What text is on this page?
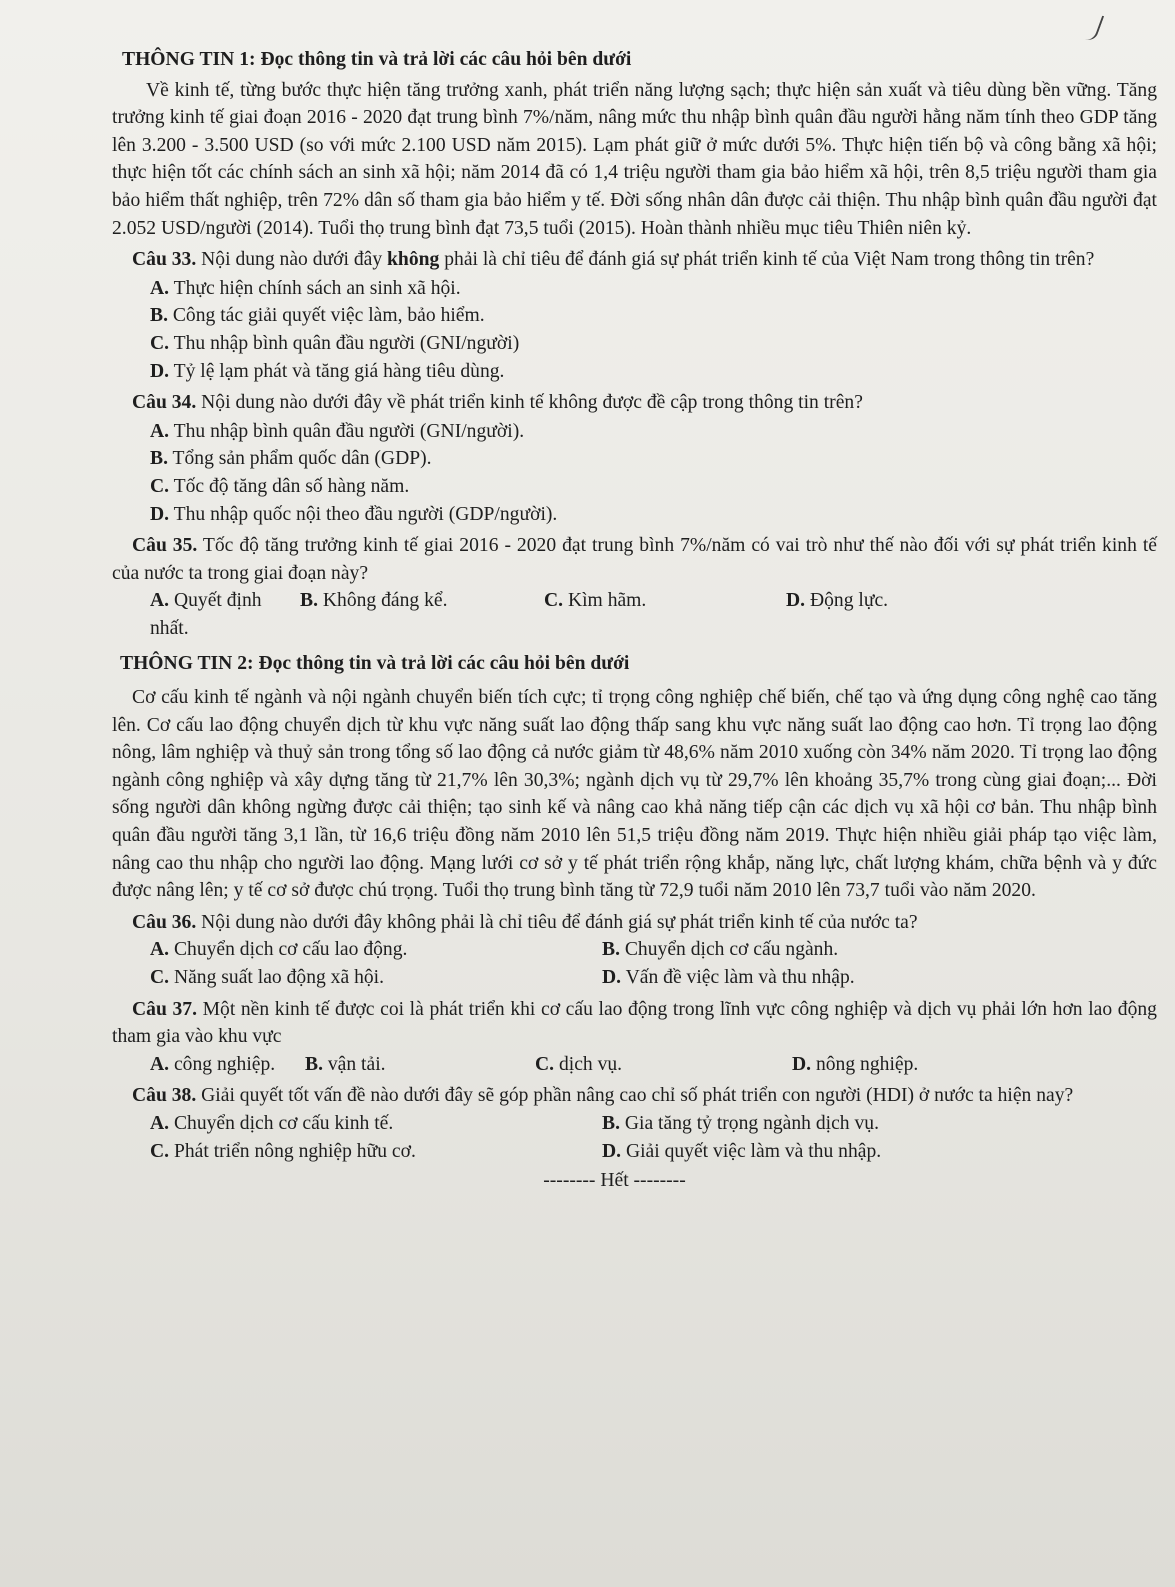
THÔNG TIN 1: Đọc thông tin và trả lời các câu hỏi bên dưới
Về kinh tế, từng bước thực hiện tăng trưởng xanh, phát triển năng lượng sạch; thực hiện sản xuất và tiêu dùng bền vững. Tăng trưởng kinh tế giai đoạn 2016 - 2020 đạt trung bình 7%/năm, nâng mức thu nhập bình quân đầu người hằng năm tính theo GDP tăng lên 3.200 - 3.500 USD (so với mức 2.100 USD năm 2015). Lạm phát giữ ở mức dưới 5%. Thực hiện tiến bộ và công bằng xã hội; thực hiện tốt các chính sách an sinh xã hội; năm 2014 đã có 1,4 triệu người tham gia bảo hiểm xã hội, trên 8,5 triệu người tham gia bảo hiểm thất nghiệp, trên 72% dân số tham gia bảo hiểm y tế. Đời sống nhân dân được cải thiện. Thu nhập bình quân đầu người đạt 2.052 USD/người (2014). Tuổi thọ trung bình đạt 73,5 tuổi (2015). Hoàn thành nhiều mục tiêu Thiên niên kỷ.
Câu 33. Nội dung nào dưới đây không phải là chỉ tiêu để đánh giá sự phát triển kinh tế của Việt Nam trong thông tin trên?
A. Thực hiện chính sách an sinh xã hội.
B. Công tác giải quyết việc làm, bảo hiểm.
C. Thu nhập bình quân đầu người (GNI/người)
D. Tỷ lệ lạm phát và tăng giá hàng tiêu dùng.
Câu 34. Nội dung nào dưới đây về phát triển kinh tế không được đề cập trong thông tin trên?
A. Thu nhập bình quân đầu người (GNI/người).
B. Tổng sản phẩm quốc dân (GDP).
C. Tốc độ tăng dân số hàng năm.
D. Thu nhập quốc nội theo đầu người (GDP/người).
Câu 35. Tốc độ tăng trưởng kinh tế giai 2016 - 2020 đạt trung bình 7%/năm có vai trò như thế nào đối với sự phát triển kinh tế của nước ta trong giai đoạn này?
A. Quyết định nhất.
B. Không đáng kể.	C. Kìm hãm.	D. Động lực.
THÔNG TIN 2: Đọc thông tin và trả lời các câu hỏi bên dưới
Cơ cấu kinh tế ngành và nội ngành chuyển biến tích cực; tỉ trọng công nghiệp chế biến, chế tạo và ứng dụng công nghệ cao tăng lên. Cơ cấu lao động chuyển dịch từ khu vực năng suất lao động thấp sang khu vực năng suất lao động cao hơn. Tỉ trọng lao động nông, lâm nghiệp và thuỷ sản trong tổng số lao động cả nước giảm từ 48,6% năm 2010 xuống còn 34% năm 2020. Tỉ trọng lao động ngành công nghiệp và xây dựng tăng từ 21,7% lên 30,3%; ngành dịch vụ từ 29,7% lên khoảng 35,7% trong cùng giai đoạn;... Đời sống người dân không ngừng được cải thiện; tạo sinh kế và nâng cao khả năng tiếp cận các dịch vụ xã hội cơ bản. Thu nhập bình quân đầu người tăng 3,1 lần, từ 16,6 triệu đồng năm 2010 lên 51,5 triệu đồng năm 2019. Thực hiện nhiều giải pháp tạo việc làm, nâng cao thu nhập cho người lao động. Mạng lưới cơ sở y tế phát triển rộng khắp, năng lực, chất lượng khám, chữa bệnh và y đức được nâng lên; y tế cơ sở được chú trọng. Tuổi thọ trung bình tăng từ 72,9 tuổi năm 2010 lên 73,7 tuổi vào năm 2020.
Câu 36. Nội dung nào dưới đây không phải là chỉ tiêu để đánh giá sự phát triển kinh tế của nước ta?
A. Chuyển dịch cơ cấu lao động.	B. Chuyển dịch cơ cấu ngành.
C. Năng suất lao động xã hội.	D. Vấn đề việc làm và thu nhập.
Câu 37. Một nền kinh tế được coi là phát triển khi cơ cấu lao động trong lĩnh vực công nghiệp và dịch vụ phải lớn hơn lao động tham gia vào khu vực
A. công nghiệp.	B. vận tải.	C. dịch vụ.	D. nông nghiệp.
Câu 38. Giải quyết tốt vấn đề nào dưới đây sẽ góp phần nâng cao chỉ số phát triển con người (HDI) ở nước ta hiện nay?
A. Chuyển dịch cơ cấu kinh tế.	B. Gia tăng tỷ trọng ngành dịch vụ.
C. Phát triển nông nghiệp hữu cơ.	D. Giải quyết việc làm và thu nhập.
-------- Hết --------
